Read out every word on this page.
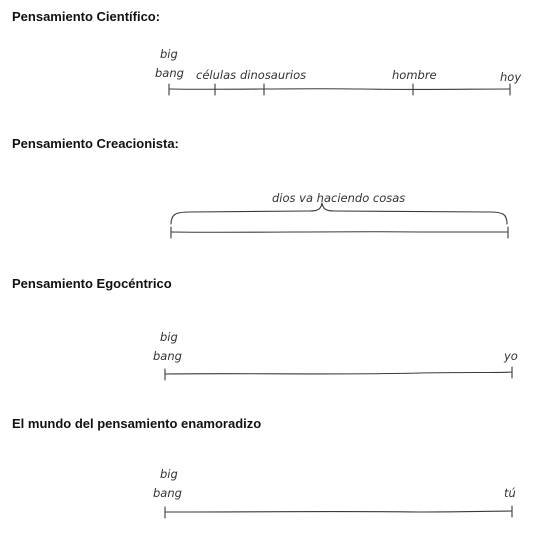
Pensamiento Científico:
Pensamiento Creacionista:
Pensamiento Egocéntrico
El mundo del pensamiento enamoradizo
big
bang células dinosaurios	hombre	hoy
dios va haciendo cosas
big
bang	yo
big
bang	tú
